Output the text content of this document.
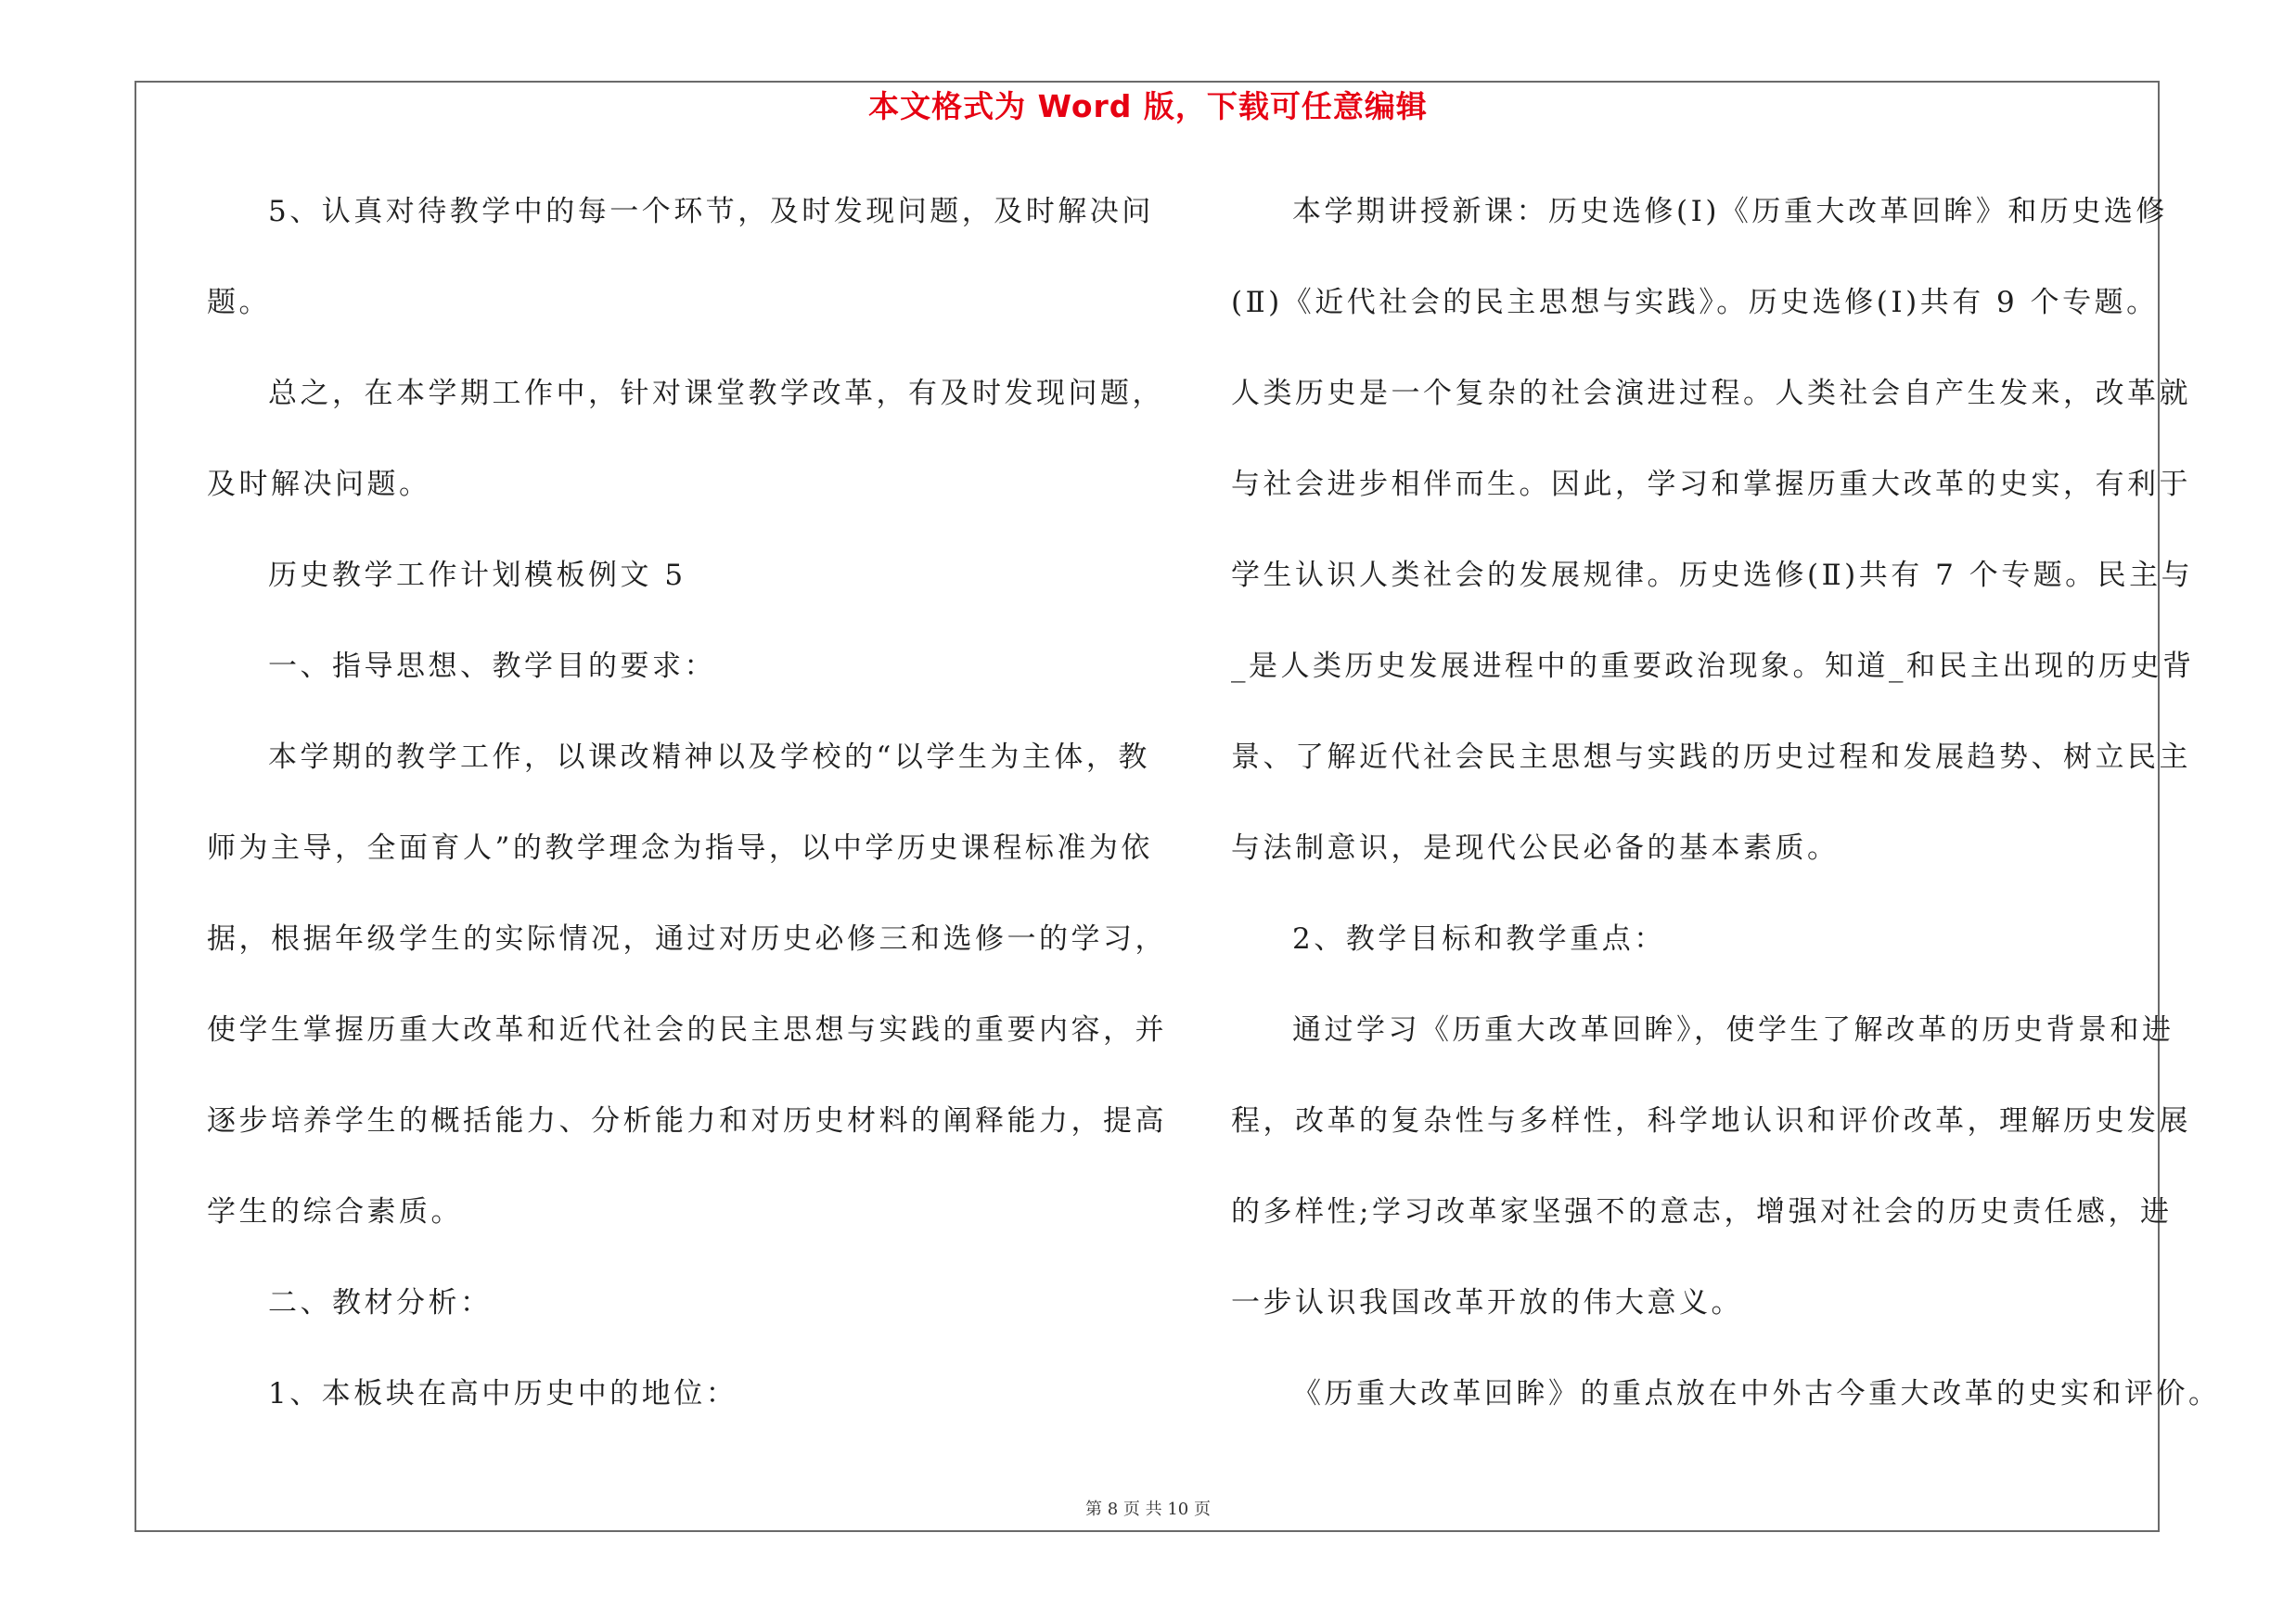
本文格式为 Word 版，下载可任意编辑
5、认真对待教学中的每一个环节，及时发现问题，及时解决问
题。
总之，在本学期工作中，针对课堂教学改革，有及时发现问题，
及时解决问题。
历史教学工作计划模板例文 5
一、指导思想、教学目的要求：
本学期的教学工作，以课改精神以及学校的“以学生为主体，教
师为主导，全面育人”的教学理念为指导，以中学历史课程标准为依
据，根据年级学生的实际情况，通过对历史必修三和选修一的学习，
使学生掌握历重大改革和近代社会的民主思想与实践的重要内容，并
逐步培养学生的概括能力、分析能力和对历史材料的阐释能力，提高
学生的综合素质。
二、教材分析：
1、本板块在高中历史中的地位：
本学期讲授新课：历史选修(Ⅰ)《历重大改革回眸》和历史选修
(Ⅱ)《近代社会的民主思想与实践》。历史选修(Ⅰ)共有 9 个专题。
人类历史是一个复杂的社会演进过程。人类社会自产生发来，改革就
与社会进步相伴而生。因此，学习和掌握历重大改革的史实，有利于
学生认识人类社会的发展规律。历史选修(Ⅱ)共有 7 个专题。民主与
_是人类历史发展进程中的重要政治现象。知道_和民主出现的历史背
景、了解近代社会民主思想与实践的历史过程和发展趋势、树立民主
与法制意识，是现代公民必备的基本素质。
2、教学目标和教学重点：
通过学习《历重大改革回眸》，使学生了解改革的历史背景和进
程，改革的复杂性与多样性，科学地认识和评价改革，理解历史发展
的多样性;学习改革家坚强不的意志，增强对社会的历史责任感，进
一步认识我国改革开放的伟大意义。
《历重大改革回眸》的重点放在中外古今重大改革的史实和评价。
第 8 页 共 10 页
